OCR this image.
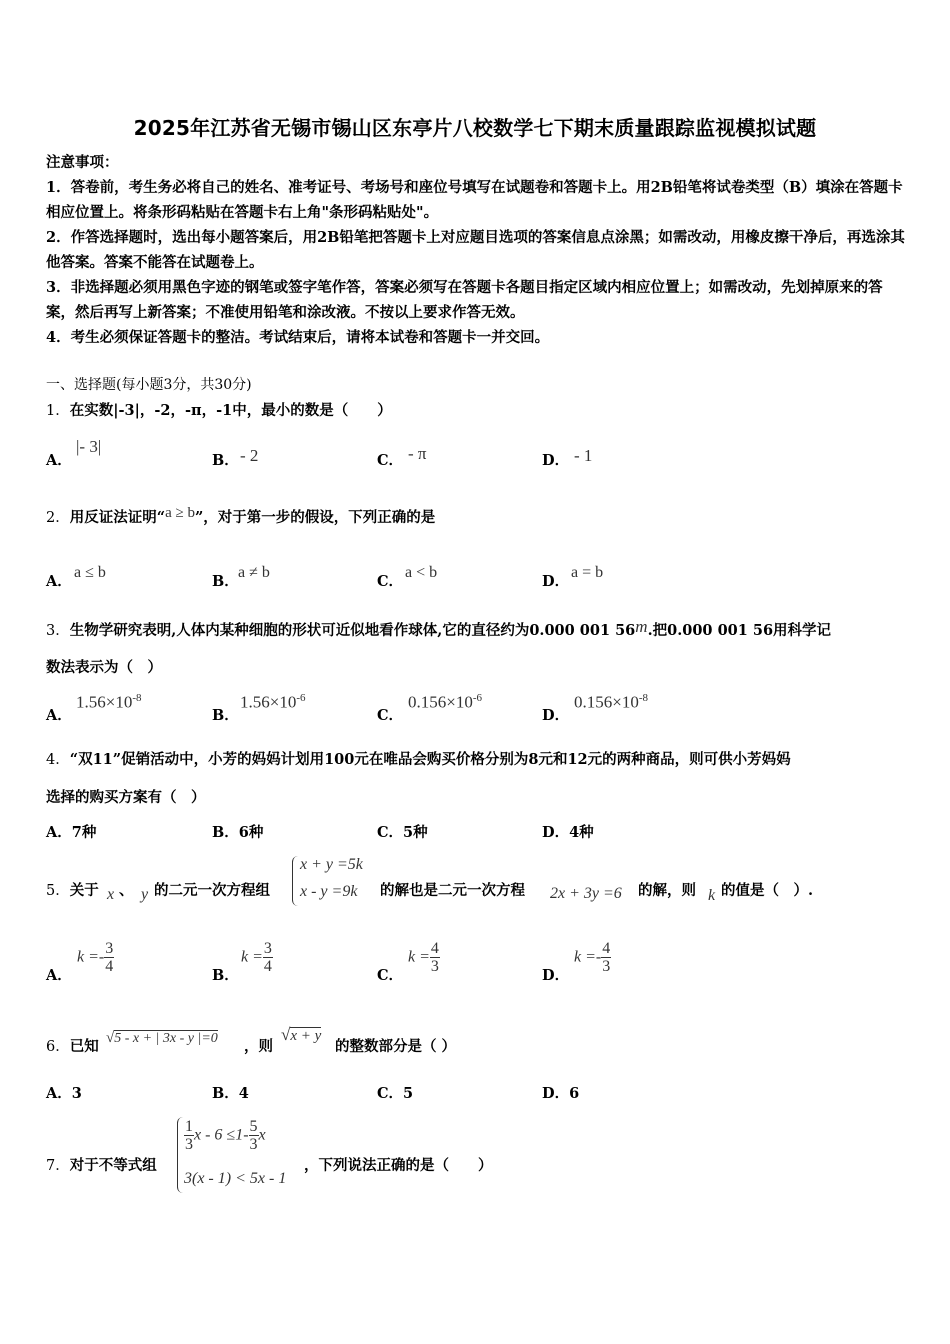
2025年江苏省无锡市锡山区东亭片八校数学七下期末质量跟踪监视模拟试题
注意事项：
1．答卷前，考生务必将自己的姓名、准考证号、考场号和座位号填写在试题卷和答题卡上。用2B铅笔将试卷类型（B）填涂在答题卡相应位置上。将条形码粘贴在答题卡右上角"条形码粘贴处"。
2．作答选择题时，选出每小题答案后，用2B铅笔把答题卡上对应题目选项的答案信息点涂黑；如需改动，用橡皮擦干净后，再选涂其他答案。答案不能答在试题卷上。
3．非选择题必须用黑色字迹的钢笔或签字笔作答，答案必须写在答题卡各题目指定区域内相应位置上；如需改动，先划掉原来的答案，然后再写上新答案；不准使用铅笔和涂改液。不按以上要求作答无效。
4．考生必须保证答题卡的整洁。考试结束后，请将本试卷和答题卡一并交回。
一、选择题(每小题3分，共30分)
1．在实数|-3|，-2，-π，-1中，最小的数是（　　）
A．
|- 3|
B． - 2	C． - π	D． - 1
2．用反证法证明“a ≥ b”，对于第一步的假设，下列正确的是
A．
a ≤ b
B．
a ≠ b
C．
a < b
D．
a = b
3．生物学研究表明,人体内某种细胞的形状可近似地看作球体,它的直径约为0.000 001 56m.把0.000 001 56用科学记
数法表示为（　）
A．
$1.56\times 10^{-8}$
B．
$1.56\times 10^{-6}$
C．
$0.156\times 10^{-6}$
D．
$0.156\times 10^{-8}$
4．“双11”促销活动中，小芳的妈妈计划用100元在唯品会购买价格分别为8元和12元的两种商品，则可供小芳妈妈
选择的购买方案有（　）
A．7种	B．6种	C．5种	D．4种
5．关于 x 、 y 的二元一次方程组
x + y =5k
x - y =9k 的解也是二元一次方程 2x + 3y =6 的解，则 k 的值是（　）.
A．
$k =- \frac{3}{4}$
B．
$k = \frac{3}{4}$
C．
$k = \frac{4}{3}$
D．
$k =- \frac{4}{3}$
6．已知 √5 - x + | 3x - y |=0 ，则
√x + y
的整数部分是（ ）
A．3	B．4	C．5	D．6
7．对于不等式组
$\frac{1}{3}$ $x - 6 \le 1- \frac{5}{3}$ x
3(x - 1) < 5x - 1
，下列说法正确的是（　　）
